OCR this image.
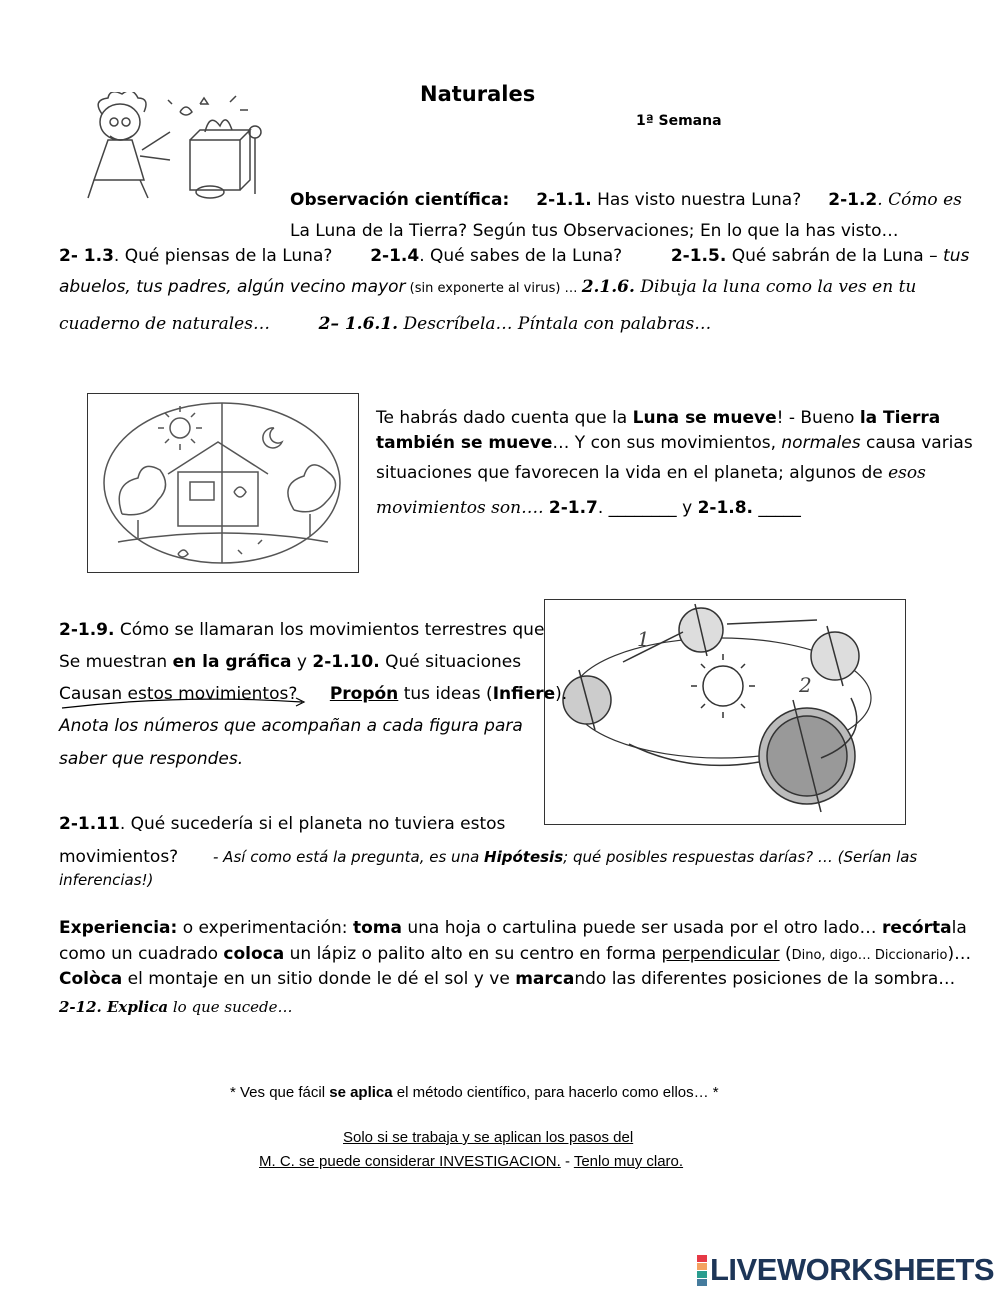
Naturales
1ª Semana
Observación científica: 2-1.1. Has visto nuestra Luna? 2-1.2. Cómo es
La Luna de la Tierra? Según tus Observaciones; En lo que la has visto…
2- 1.3. Qué piensas de la Luna? 2-1.4. Qué sabes de la Luna?	2-1.5. Qué sabrán de la Luna – tus
abuelos, tus padres, algún vecino mayor (sin exponerte al virus) … 2.1.6. Dibuja la luna como la ves en tu
cuaderno de naturales…	2– 1.6.1. Descríbela… Píntala con palabras…
Te habrás dado cuenta que la Luna se mueve! - Bueno la Tierra
también se mueve… Y con sus movimientos, normales causa varias
situaciones que favorecen la vida en el planeta; algunos de esos
movimientos son…. 2-1.7. ________ y 2-1.8. _____
1
2
2-1.9. Cómo se llamaran los movimientos terrestres que
Se muestran en la gráfica y 2-1.10. Qué situaciones
Causan estos movimientos? Propón tus ideas (Infiere).
Anota los números que acompañan a cada figura para
saber que respondes.
2-1.11. Qué sucedería si el planeta no tuviera estos
movimientos? - Así como está la pregunta, es una Hipótesis; qué posibles respuestas darías? … (Serían las
inferencias!)
Experiencia: o experimentación: toma una hoja o cartulina puede ser usada por el otro lado… recórtala
como un cuadrado coloca un lápiz o palito alto en su centro en forma perpendicular (Dino, digo… Diccionario)…
Colòca el montaje en un sitio donde le dé el sol y ve marcando las diferentes posiciones de la sombra…
2-12. Explica lo que sucede…
* Ves que fácil se aplica el método científico, para hacerlo como ellos… *
Solo si se trabaja y se aplican los pasos del
M. C. se puede considerar INVESTIGACION. - Tenlo muy claro.
LIVEWORKSHEETS
